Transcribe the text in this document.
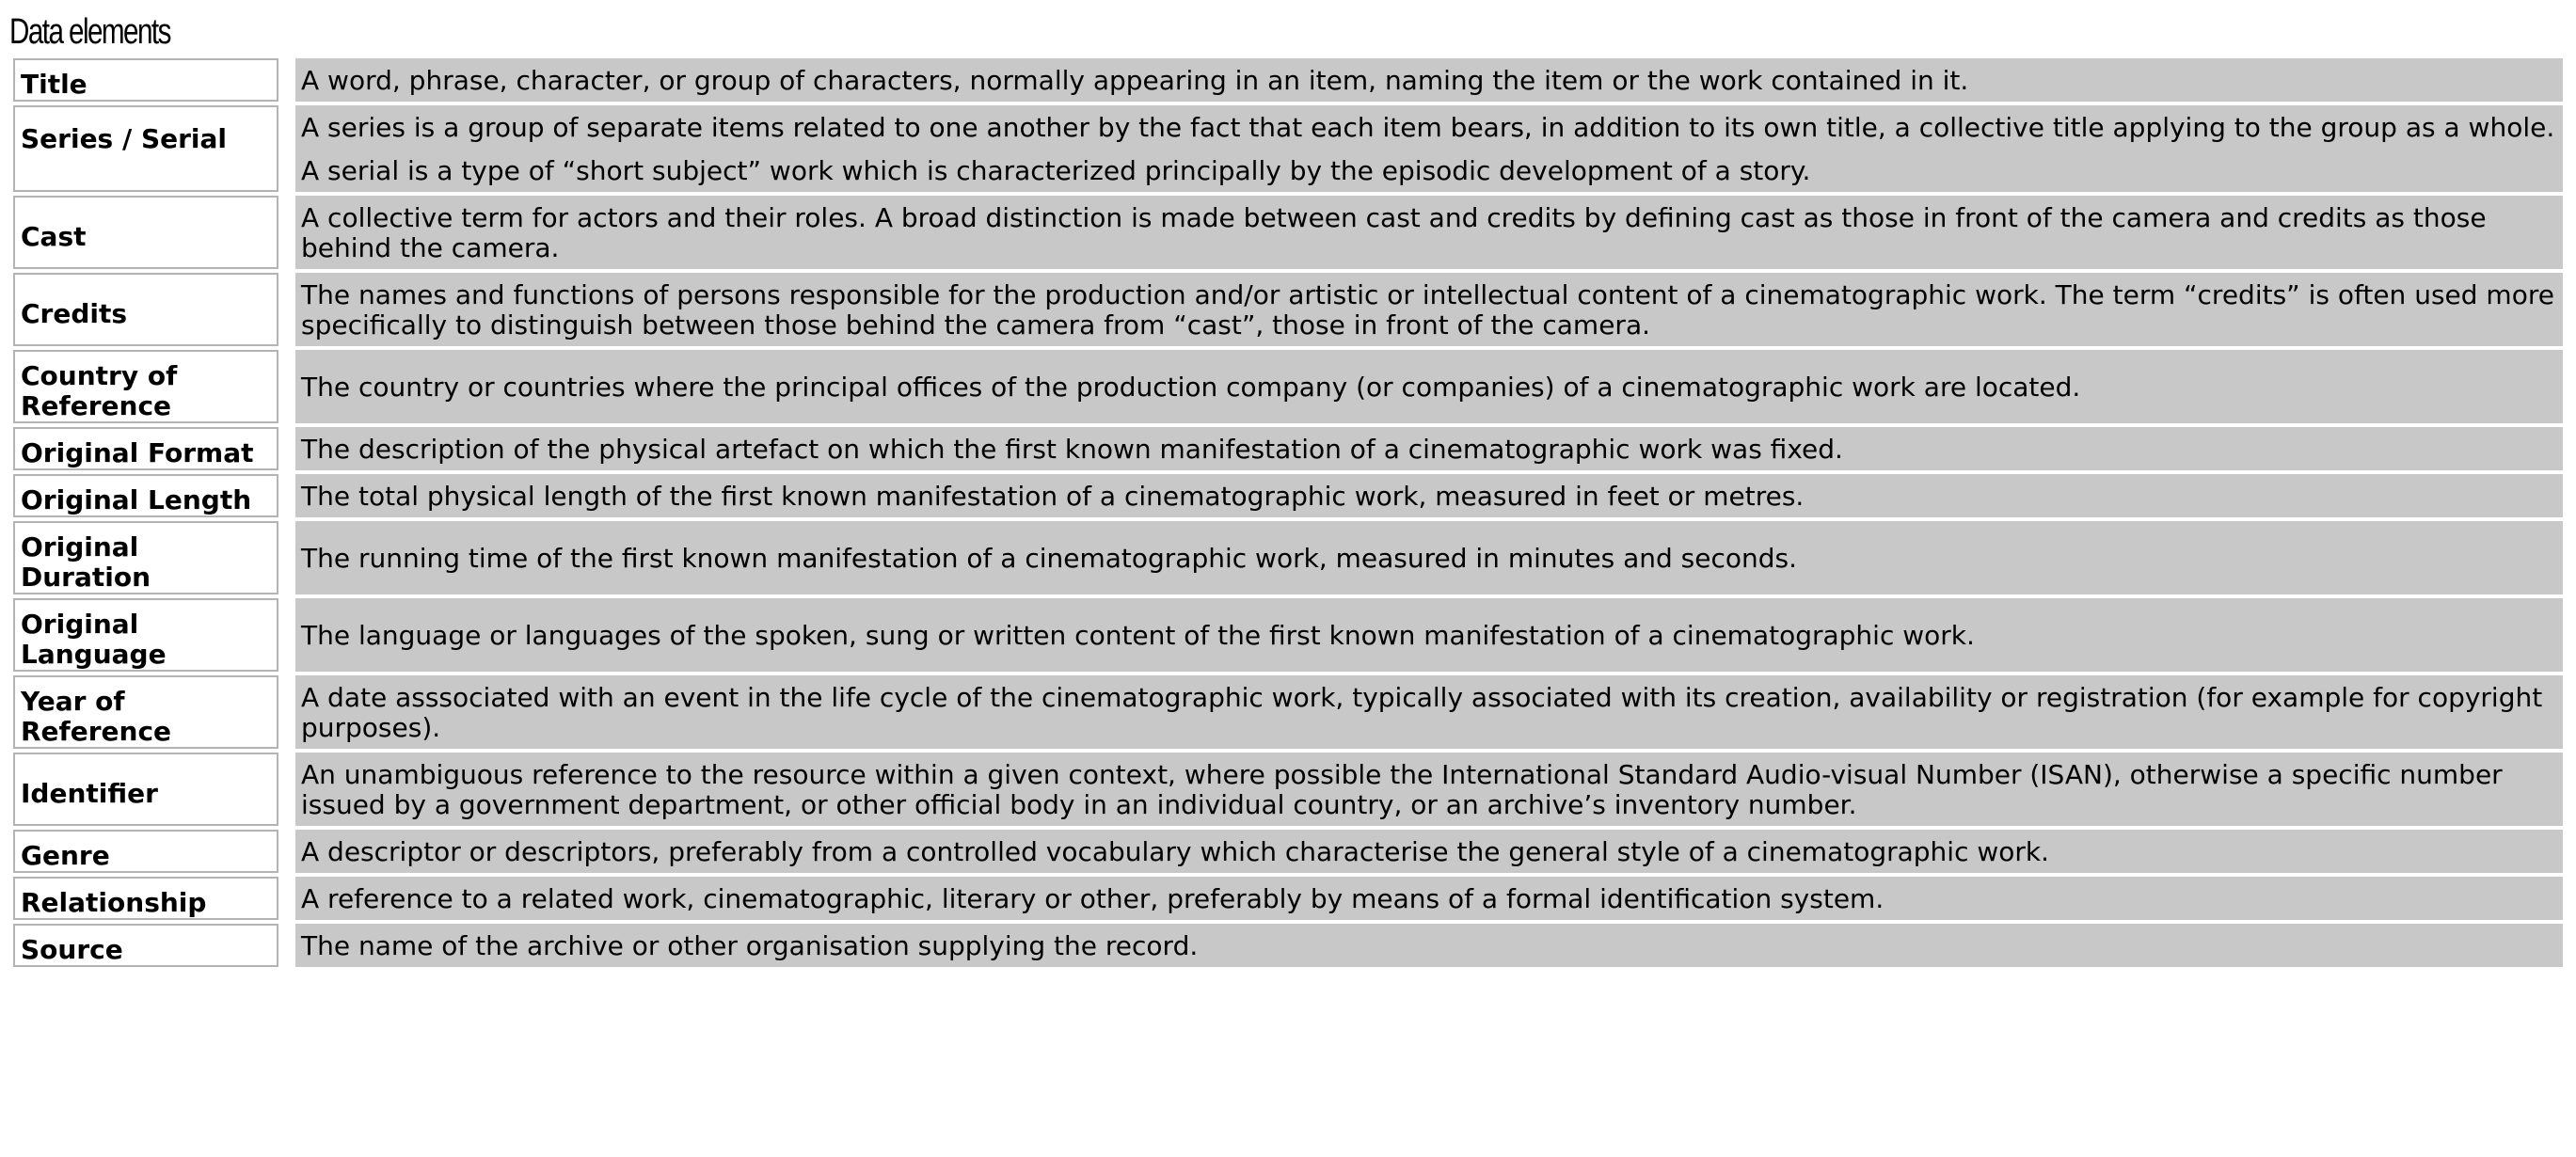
Data elements
Title		A word, phrase, character, or group of characters, normally appearing in an item, naming the item or the work contained in it.

Series / Serial		A series is a group of separate items related to one another by the fact that each item bears, in addition to its own title, a collective title applying to the group as a whole.
A serial is a type of “short subject” work which is characterized principally by the episodic development of a story.

Cast		A collective term for actors and their roles. A broad distinction is made between cast and credits by defining cast as those in front of the camera and credits as those behind the camera.

Credits		The names and functions of persons responsible for the production and/or artistic or intellectual content of a cinematographic work. The term “credits” is often used more specifically to distinguish between those behind the camera from “cast”, those in front of the camera.

Country of Reference		The country or countries where the principal offices of the production company (or companies) of a cinematographic work are located.

Original Format		The description of the physical artefact on which the first known manifestation of a cinematographic work was fixed.

Original Length		The total physical length of the first known manifestation of a cinematographic work, measured in feet or metres.

Original Duration		The running time of the first known manifestation of a cinematographic work, measured in minutes and seconds.

Original Language		The language or languages of the spoken, sung or written content of the first known manifestation of a cinematographic work.

Year of Reference		A date asssociated with an event in the life cycle of the cinematographic work, typically associated with its creation, availability or registration (for example for copyright purposes).

Identifier		An unambiguous reference to the resource within a given context, where possible the International Standard Audio-visual Number (ISAN), otherwise a specific number issued by a government department, or other official body in an individual country, or an archive’s inventory number.

Genre		A descriptor or descriptors, preferably from a controlled vocabulary which characterise the general style of a cinematographic work.

Relationship		A reference to a related work, cinematographic, literary or other, preferably by means of a formal identification system.

Source		The name of the archive or other organisation supplying the record.
